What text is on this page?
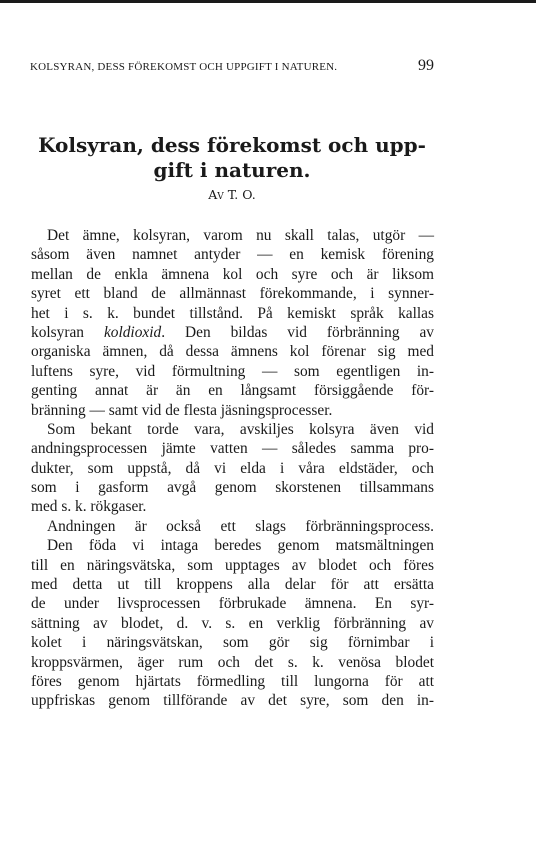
KOLSYRAN, DESS FÖREKOMST OCH UPPGIFT I NATUREN.	99
Kolsyran, dess förekomst och upp-
gift i naturen.
Av T. O.
Det ämne, kolsyran, varom nu skall talas, utgör —
såsom även namnet antyder — en kemisk förening
mellan de enkla ämnena kol och syre och är liksom
syret ett bland de allmännast förekommande, i synner-
het i s. k. bundet tillstånd. På kemiskt språk kallas
kolsyran koldioxid. Den bildas vid förbränning av
organiska ämnen, då dessa ämnens kol förenar sig med
luftens syre, vid förmultning — som egentligen in-
genting annat är än en långsamt försiggående för-
bränning — samt vid de flesta jäsningsprocesser.
Som bekant torde vara, avskiljes kolsyra även vid
andningsprocessen jämte vatten — således samma pro-
dukter, som uppstå, då vi elda i våra eldstäder, och
som i gasform avgå genom skorstenen tillsammans
med s. k. rökgaser.
Andningen är också ett slags förbränningsprocess.
Den föda vi intaga beredes genom matsmältningen
till en näringsvätska, som upptages av blodet och föres
med detta ut till kroppens alla delar för att ersätta
de under livsprocessen förbrukade ämnena. En syr-
sättning av blodet, d. v. s. en verklig förbränning av
kolet i näringsvätskan, som gör sig förnimbar i
kroppsvärmen, äger rum och det s. k. venösa blodet
föres genom hjärtats förmedling till lungorna för att
uppfriskas genom tillförande av det syre, som den in-
